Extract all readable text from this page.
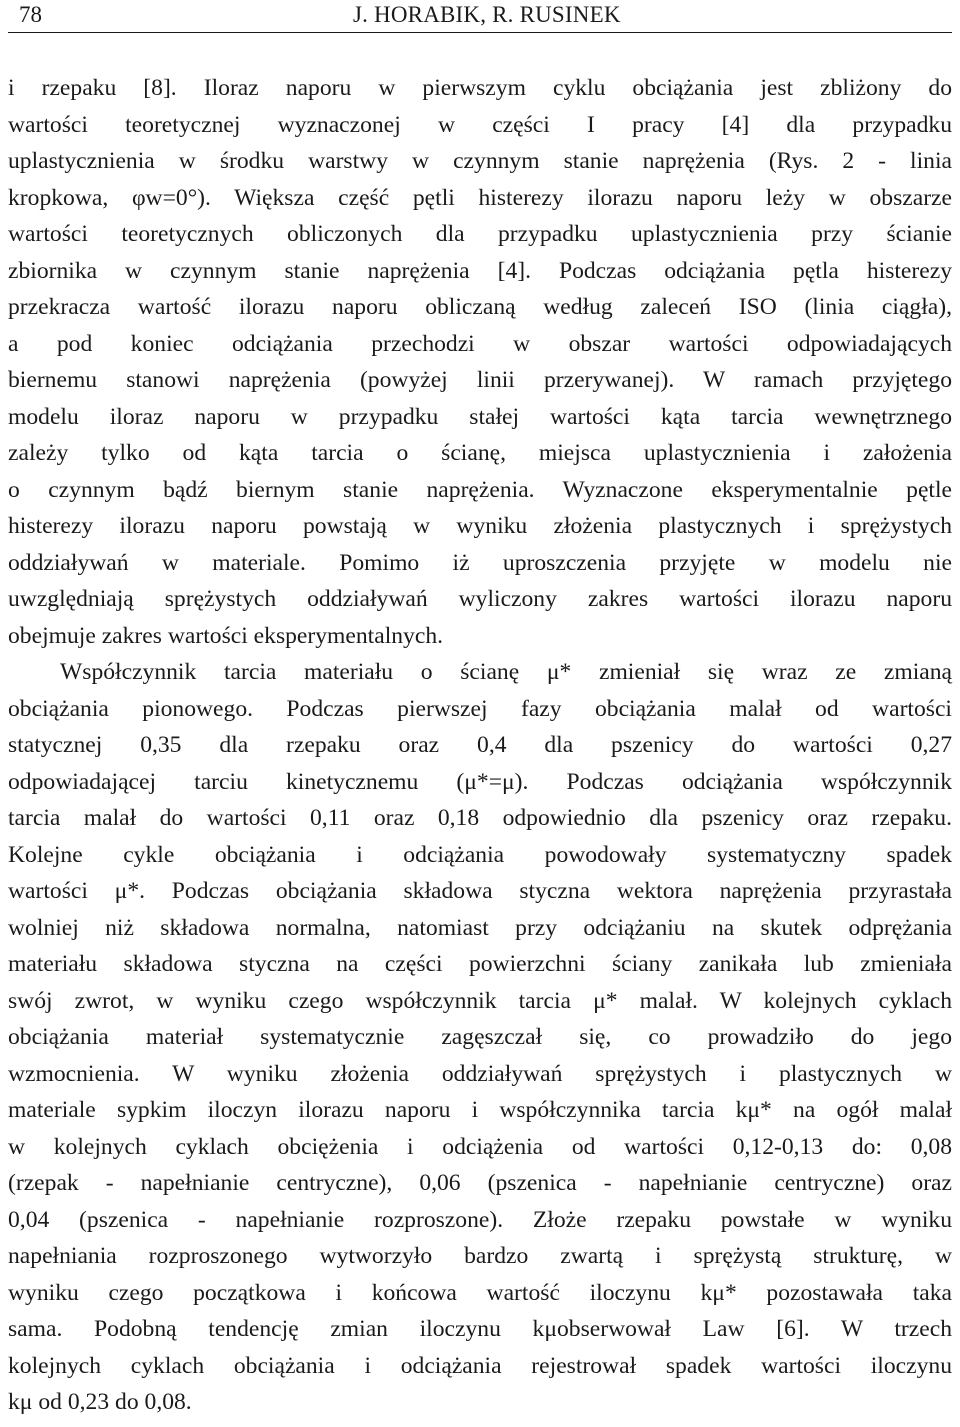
78	J. HORABIK, R. RUSINEK
i rzepaku [8]. Iloraz naporu w pierwszym cyklu obciążania jest zbliżony do
wartości teoretycznej wyznaczonej w części I pracy [4] dla przypadku
uplastycznienia w środku warstwy w czynnym stanie naprężenia (Rys. 2 - linia
kropkowa, φw=0°). Większa część pętli histerezy ilorazu naporu leży w obszarze
wartości teoretycznych obliczonych dla przypadku uplastycznienia przy ścianie
zbiornika w czynnym stanie naprężenia [4]. Podczas odciążania pętla histerezy
przekracza wartość ilorazu naporu obliczaną według zaleceń ISO (linia ciągła),
a pod koniec odciążania przechodzi w obszar wartości odpowiadających
biernemu stanowi naprężenia (powyżej linii przerywanej). W ramach przyjętego
modelu iloraz naporu w przypadku stałej wartości kąta tarcia wewnętrznego
zależy tylko od kąta tarcia o ścianę, miejsca uplastycznienia i założenia
o czynnym bądź biernym stanie naprężenia. Wyznaczone eksperymentalnie pętle
histerezy ilorazu naporu powstają w wyniku złożenia plastycznych i sprężystych
oddziaływań w materiale. Pomimo iż uproszczenia przyjęte w modelu nie
uwzględniają sprężystych oddziaływań wyliczony zakres wartości ilorazu naporu
obejmuje zakres wartości eksperymentalnych.
Współczynnik tarcia materiału o ścianę μ* zmieniał się wraz ze zmianą
obciążania pionowego. Podczas pierwszej fazy obciążania malał od wartości
statycznej 0,35 dla rzepaku oraz 0,4 dla pszenicy do wartości 0,27
odpowiadającej tarciu kinetycznemu (μ*=μ). Podczas odciążania współczynnik
tarcia malał do wartości 0,11 oraz 0,18 odpowiednio dla pszenicy oraz rzepaku.
Kolejne cykle obciążania i odciążania powodowały systematyczny spadek
wartości μ*. Podczas obciążania składowa styczna wektora naprężenia przyrastała
wolniej niż składowa normalna, natomiast przy odciążaniu na skutek odprężania
materiału składowa styczna na części powierzchni ściany zanikała lub zmieniała
swój zwrot, w wyniku czego współczynnik tarcia μ* malał. W kolejnych cyklach
obciążania materiał systematycznie zagęszczał się, co prowadziło do jego
wzmocnienia. W wyniku złożenia oddziaływań sprężystych i plastycznych w
materiale sypkim iloczyn ilorazu naporu i współczynnika tarcia kμ* na ogół malał
w kolejnych cyklach obciężenia i odciążenia od wartości 0,12-0,13 do: 0,08
(rzepak - napełnianie centryczne), 0,06 (pszenica - napełnianie centryczne) oraz
0,04 (pszenica - napełnianie rozproszone). Złoże rzepaku powstałe w wyniku
napełniania rozproszonego wytworzyło bardzo zwartą i sprężystą strukturę, w
wyniku czego początkowa i końcowa wartość iloczynu kμ* pozostawała taka
sama. Podobną tendencję zmian iloczynu kμobserwował Law [6]. W trzech
kolejnych cyklach obciążania i odciążania rejestrował spadek wartości iloczynu
kμ od 0,23 do 0,08.
